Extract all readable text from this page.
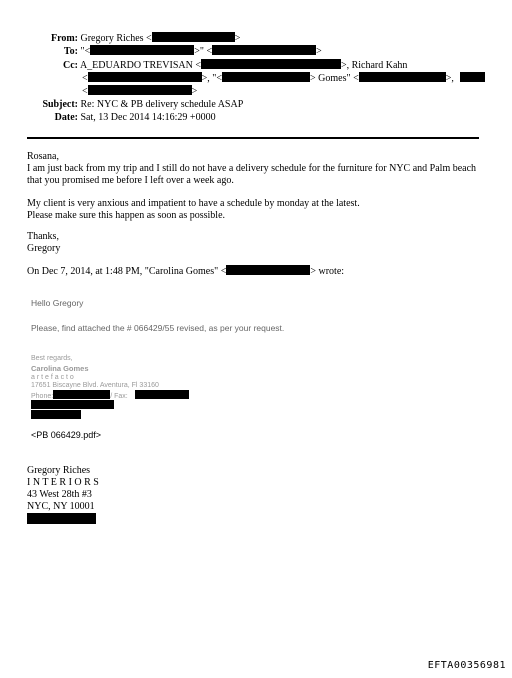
From: Gregory Riches <	>
To: "<	>" <	>
Cc: A_EDUARDO TREVISAN <	>, Richard Kahn
<	>, "<	> Gomes" <	>,
<	>
Subject: Re: NYC & PB delivery schedule ASAP
Date: Sat, 13 Dec 2014 14:16:29 +0000
Rosana,
I am just back from my trip and I still do not have a delivery schedule for the furniture for NYC and Palm beach
that you promised me before I left over a week ago.
My client is very anxious and impatient to have a schedule by monday at the latest.
Please make sure this happen as soon as possible.
Thanks,
Gregory
On Dec 7, 2014, at 1:48 PM, "Carolina Gomes" <	> wrote:
Hello Gregory
Please, find attached the # 066429/55 revised, as per your request.
Best regards,
Carolina Gomes
a r t e f a c t o
17651 Biscayne Blvd. Aventura, Fl 33160
Phone:	/ Fax:
<PB 066429.pdf>
Gregory Riches
I N T E R I O R S
43 West 28th #3
NYC, NY 10001
EFTA00356981
